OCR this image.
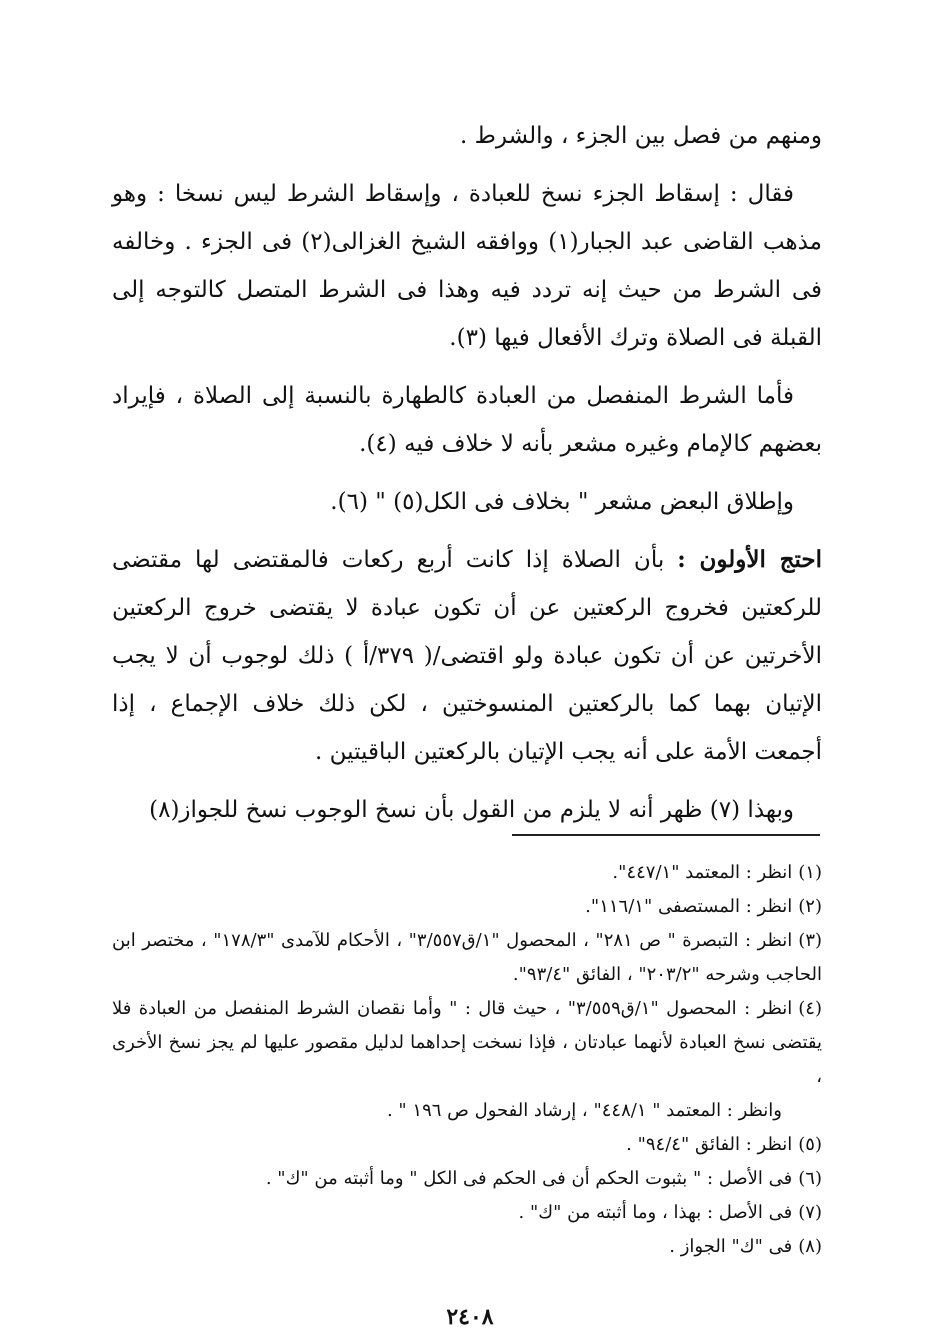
ومنهم من فصل بين الجزء ، والشرط .

فقال : إسقاط الجزء نسخ للعبادة ، وإسقاط الشرط ليس نسخا : وهو مذهب القاضى عبد الجبار(١) ووافقه الشيخ الغزالى(٢) فى الجزء . وخالفه فى الشرط من حيث إنه تردد فيه وهذا فى الشرط المتصل كالتوجه إلى القبلة فى الصلاة وترك الأفعال فيها (٣).

فأما الشرط المنفصل من العبادة كالطهارة بالنسبة إلى الصلاة ، فإيراد بعضهم كالإمام وغيره مشعر بأنه لا خلاف فيه (٤).

وإطلاق البعض مشعر " بخلاف فى الكل(٥) " (٦).

احتج الأولون : بأن الصلاة إذا كانت أربع ركعات فالمقتضى لها مقتضى للركعتين فخروج الركعتين عن أن تكون عبادة لا يقتضى خروج الركعتين الأخرتين عن أن تكون عبادة ولو اقتضى/( ٣٧٩/أ ) ذلك لوجوب أن لا يجب الإتيان بهما كما بالركعتين المنسوختين ، لكن ذلك خلاف الإجماع ، إذا أجمعت الأمة على أنه يجب الإتيان بالركعتين الباقيتين .

وبهذا (٧) ظهر أنه لا يلزم من القول بأن نسخ الوجوب نسخ للجواز(٨)

(١)انظر : المعتمد "٤٤٧/١".

(٢)انظر : المستصفى "١١٦/١".

(٣)انظر : التبصرة " ص ٢٨١" ، المحصول "١/ق٣/٥٥٧" ، الأحكام للآمدى "١٧٨/٣" ، مختصر ابن الحاجب وشرحه "٢٠٣/٢" ، الفائق "٩٣/٤".

(٤)انظر : المحصول "١/ق٣/٥٥٩" ، حيث قال : " وأما نقصان الشرط المنفصل من العبادة فلا يقتضى نسخ العبادة لأنهما عبادتان ، فإذا نسخت إحداهما لدليل مقصور عليها لم يجز نسخ الأخرى ،

وانظر : المعتمد " ٤٤٨/١" ، إرشاد الفحول ص ١٩٦ " .

(٥)انظر : الفائق "٩٤/٤" .

(٦)فى الأصل : " بثبوت الحكم أن فى الحكم فى الكل " وما أثبته من "ك" .

(٧)فى الأصل : بهذا ، وما أثبته من "ك" .

(٨)فى "ك" الجواز .

٢٤٠٨
